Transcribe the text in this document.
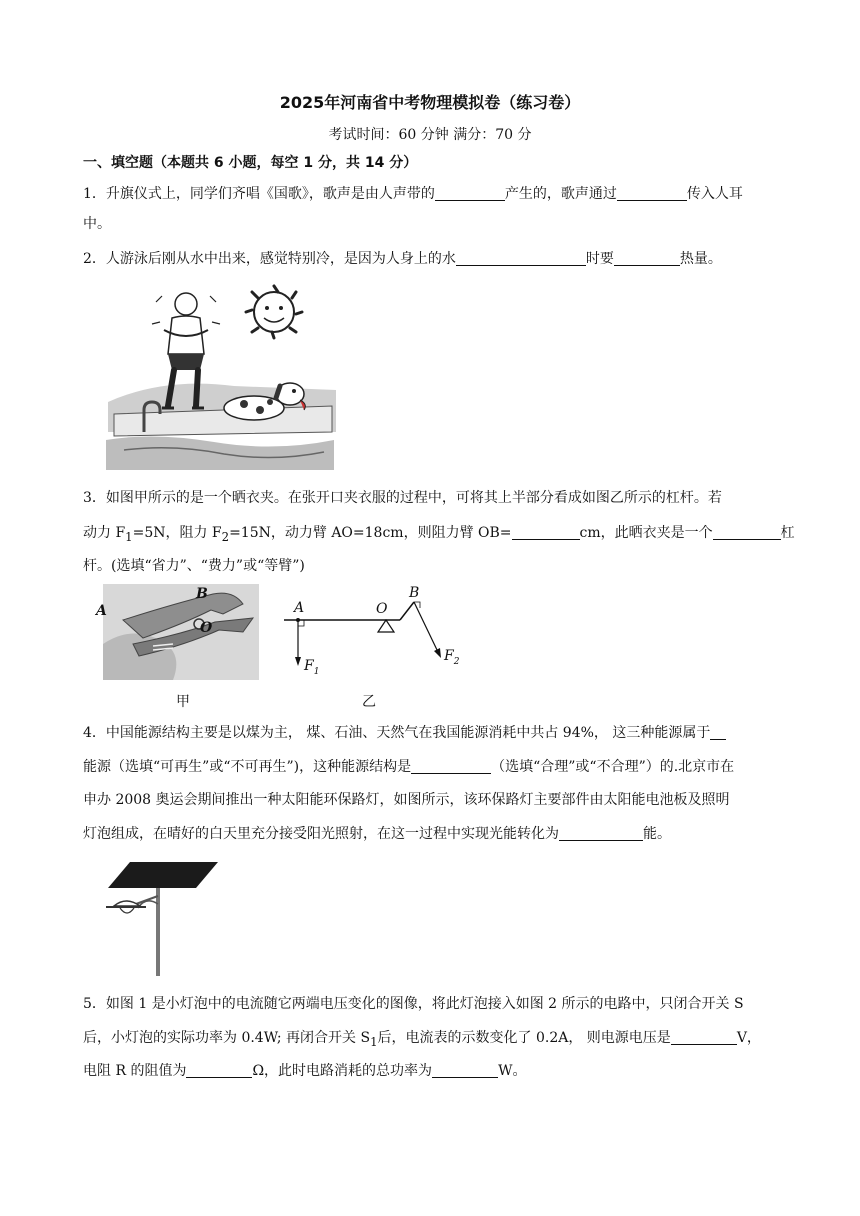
2025年河南省中考物理模拟卷（练习卷）
考试时间：60 分钟 满分：70 分
一、填空题（本题共 6 小题，每空 1 分，共 14 分）
1．升旗仪式上，同学们齐唱《国歌》，歌声是由人声带的	产生的，歌声通过	传入人耳
中。
2．人游泳后刚从水中出来，感觉特别冷，是因为人身上的水	时要	热量。
3．如图甲所示的是一个晒衣夹。在张开口夹衣服的过程中，可将其上半部分看成如图乙所示的杠杆。若
动力 $F_1=5N$，阻力 $F_2=15N$，动力臂 AO=18cm，则阻力臂 OB=	cm，此晒衣夹是一个	杠
杆。(选填“省力”、“费力”或“等臂”)
A
B
O
甲
A	O
B
$F_1$
$F_2$
乙
4．中国能源结构主要是以煤为主， 煤、石油、天然气在我国能源消耗中共占 94%， 这三种能源属于
能源（选填“可再生”或“不可再生”)，这种能源结构是	（选填“合理”或“不合理”）的.北京市在
申办 2008 奥运会期间推出一种太阳能环保路灯，如图所示，该环保路灯主要部件由太阳能电池板及照明
灯泡组成，在晴好的白天里充分接受阳光照射，在这一过程中实现光能转化为	能。
5．如图 1 是小灯泡中的电流随它两端电压变化的图像，将此灯泡接入如图 2 所示的电路中，只闭合开关 S
后，小灯泡的实际功率为 0.4W; 再闭合开关 $S_1$后，电流表的示数变化了 0.2A， 则电源电压是	V，
电阻 R 的阻值为	Ω，此时电路消耗的总功率为	W。
